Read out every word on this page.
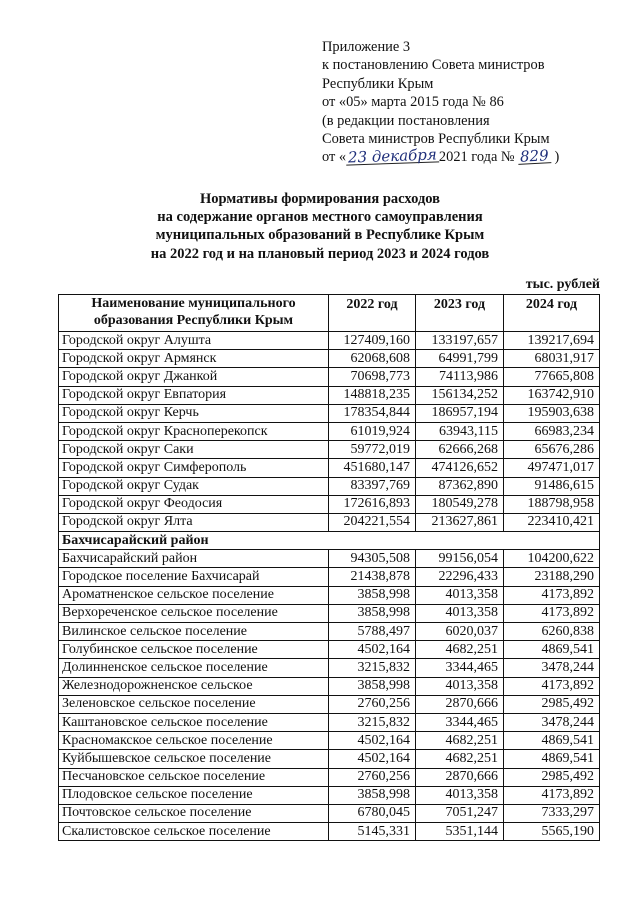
Приложение 3
к постановлению Совета министров
Республики Крым
от «05» марта 2015 года № 86
(в редакции постановления
Совета министров Республики Крым
от « 23 декабря 2021 года № 829 )
Нормативы формирования расходов
на содержание органов местного самоуправления
муниципальных образований в Республике Крым
на 2022 год и на плановый период 2023 и 2024 годов
тыс. рублей
Наименование муниципального образования Республики Крым	2022 год	2023 год	2024 год
Городской округ Алушта	127409,160	133197,657	139217,694
Городской округ Армянск	62068,608	64991,799	68031,917
Городской округ Джанкой	70698,773	74113,986	77665,808
Городской округ Евпатория	148818,235	156134,252	163742,910
Городской округ Керчь	178354,844	186957,194	195903,638
Городской округ Красноперекопск	61019,924	63943,115	66983,234
Городской округ Саки	59772,019	62666,268	65676,286
Городской округ Симферополь	451680,147	474126,652	497471,017
Городской округ Судак	83397,769	87362,890	91486,615
Городской округ Феодосия	172616,893	180549,278	188798,958
Городской округ Ялта	204221,554	213627,861	223410,421
Бахчисарайский район			
Бахчисарайский район	94305,508	99156,054	104200,622
Городское поселение Бахчисарай	21438,878	22296,433	23188,290
Ароматненское сельское поселение	3858,998	4013,358	4173,892
Верхореченское сельское поселение	3858,998	4013,358	4173,892
Вилинское сельское поселение	5788,497	6020,037	6260,838
Голубинское сельское поселение	4502,164	4682,251	4869,541
Долинненское сельское поселение	3215,832	3344,465	3478,244
Железнодорожненское сельское	3858,998	4013,358	4173,892
Зеленовское сельское поселение	2760,256	2870,666	2985,492
Каштановское сельское поселение	3215,832	3344,465	3478,244
Красномакское сельское поселение	4502,164	4682,251	4869,541
Куйбышевское сельское поселение	4502,164	4682,251	4869,541
Песчановское сельское поселение	2760,256	2870,666	2985,492
Плодовское сельское поселение	3858,998	4013,358	4173,892
Почтовское сельское поселение	6780,045	7051,247	7333,297
Скалистовское сельское поселение	5145,331	5351,144	5565,190
